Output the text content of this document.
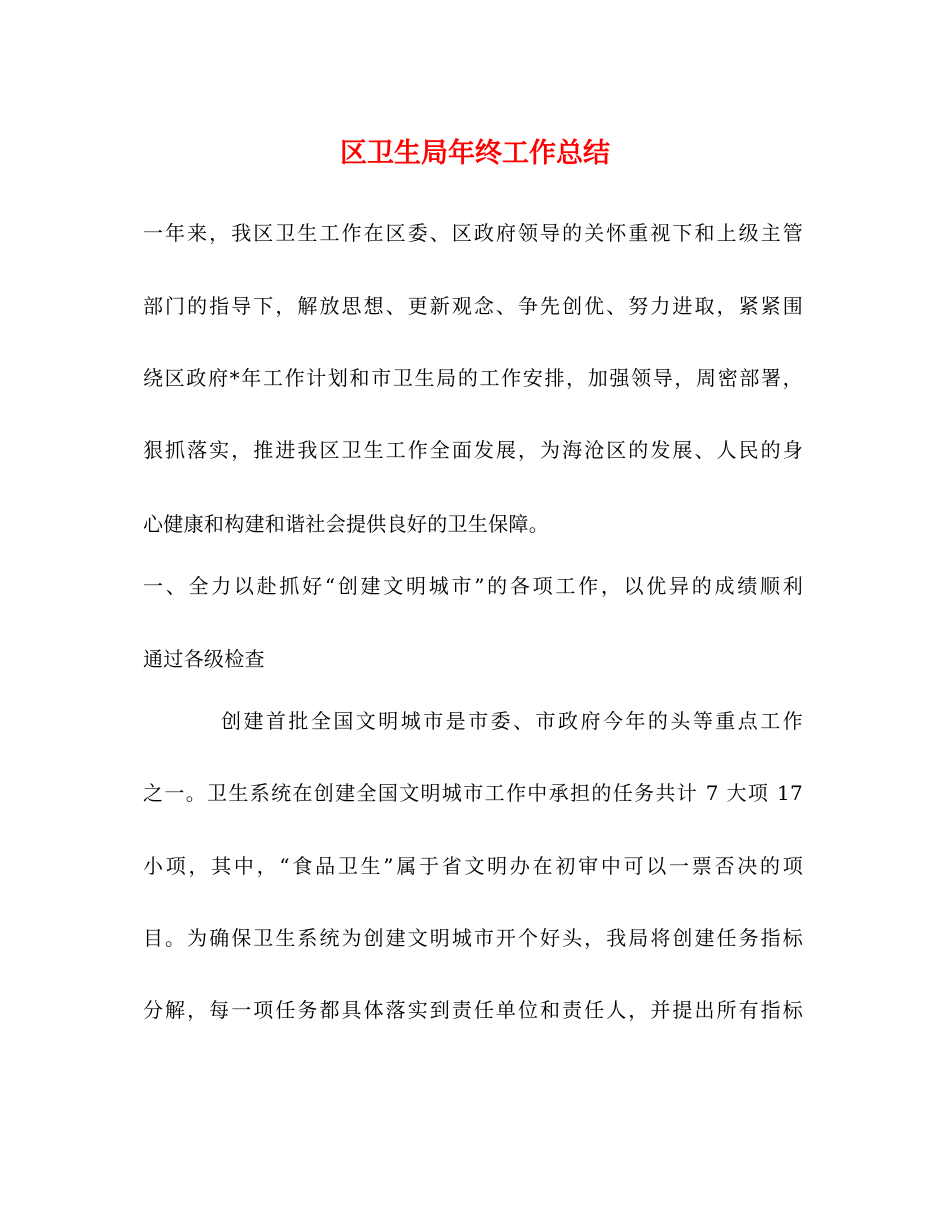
区卫生局年终工作总结
一年来，我区卫生工作在区委、区政府领导的关怀重视下和上级主管
部门的指导下，解放思想、更新观念、争先创优、努力进取，紧紧围
绕区政府*年工作计划和市卫生局的工作安排，加强领导，周密部署，
狠抓落实，推进我区卫生工作全面发展，为海沧区的发展、人民的身
心健康和构建和谐社会提供良好的卫生保障。
一、全力以赴抓好“创建文明城市”的各项工作，以优异的成绩顺利
通过各级检查
创建首批全国文明城市是市委、市政府今年的头等重点工作
之一。卫生系统在创建全国文明城市工作中承担的任务共计 7 大项 17
小项，其中，“食品卫生”属于省文明办在初审中可以一票否决的项
目。为确保卫生系统为创建文明城市开个好头，我局将创建任务指标
分解，每一项任务都具体落实到责任单位和责任人，并提出所有指标
